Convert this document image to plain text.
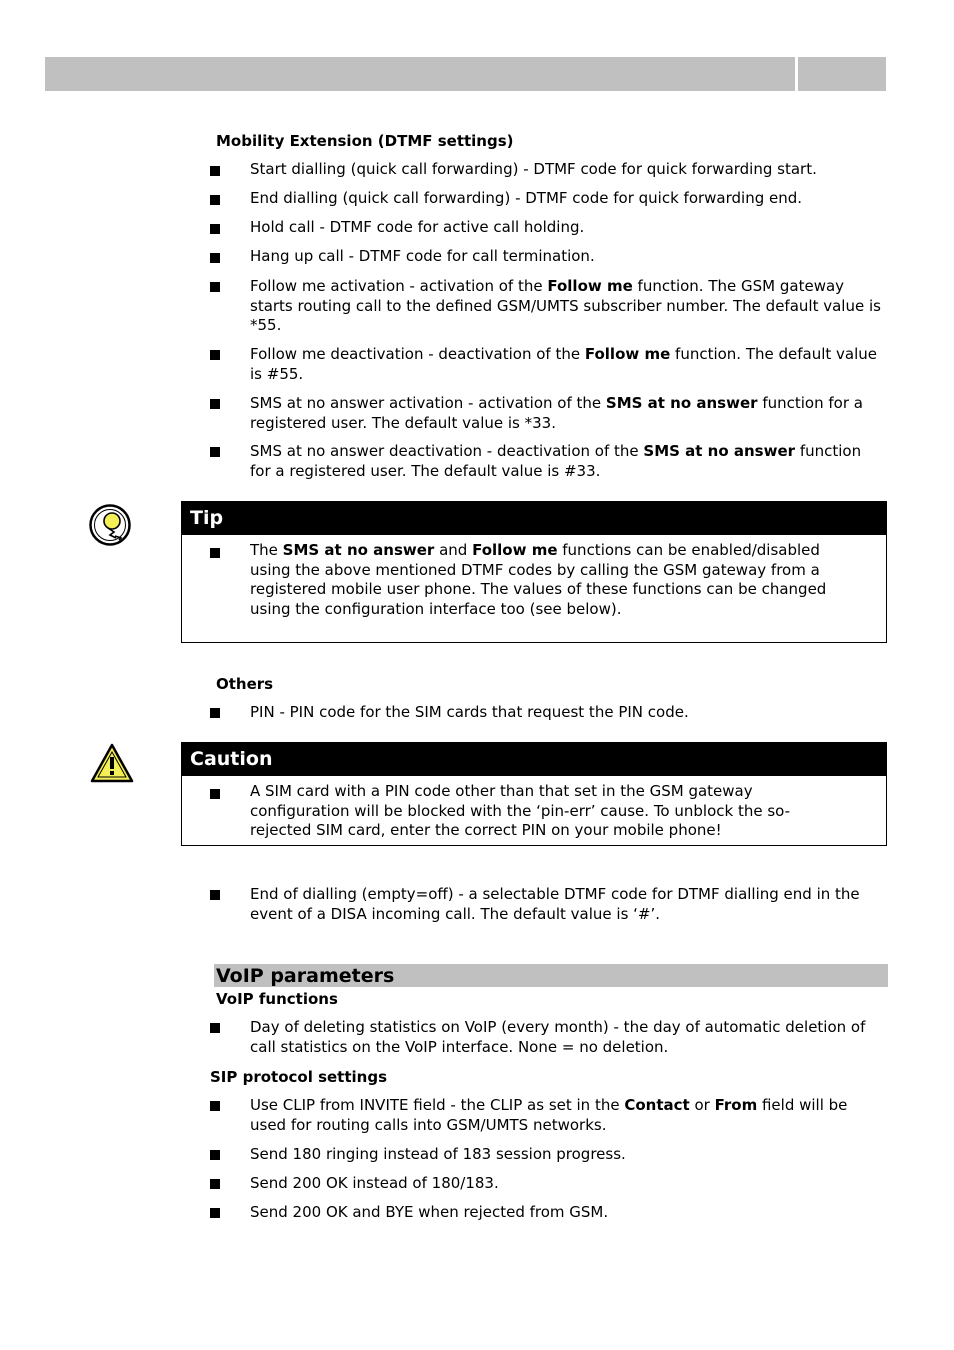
Mobility Extension (DTMF settings)
Start dialling (quick call forwarding) - DTMF code for quick forwarding start.
End dialling (quick call forwarding) - DTMF code for quick forwarding end.
Hold call - DTMF code for active call holding.
Hang up call - DTMF code for call termination.
Follow me activation - activation of the Follow me function. The GSM gateway starts routing call to the defined GSM/UMTS subscriber number. The default value is *55.
Follow me deactivation - deactivation of the Follow me function. The default value is #55.
SMS at no answer activation - activation of the SMS at no answer function for a registered user. The default value is *33.
SMS at no answer deactivation - deactivation of the SMS at no answer function for a registered user. The default value is #33.
Tip
The SMS at no answer and Follow me functions can be enabled/disabled using the above mentioned DTMF codes by calling the GSM gateway from a registered mobile user phone. The values of these functions can be changed using the configuration interface too (see below).
Others
PIN - PIN code for the SIM cards that request the PIN code.
Caution
A SIM card with a PIN code other than that set in the GSM gateway configuration will be blocked with the ‘pin-err’ cause. To unblock the so-rejected SIM card, enter the correct PIN on your mobile phone!
End of dialling (empty=off) - a selectable DTMF code for DTMF dialling end in the event of a DISA incoming call. The default value is ‘#’.
VoIP parameters
VoIP functions
Day of deleting statistics on VoIP (every month) - the day of automatic deletion of call statistics on the VoIP interface. None = no deletion.
SIP protocol settings
Use CLIP from INVITE field - the CLIP as set in the Contact or From field will be used for routing calls into GSM/UMTS networks.
Send 180 ringing instead of 183 session progress.
Send 200 OK instead of 180/183.
Send 200 OK and BYE when rejected from GSM.
